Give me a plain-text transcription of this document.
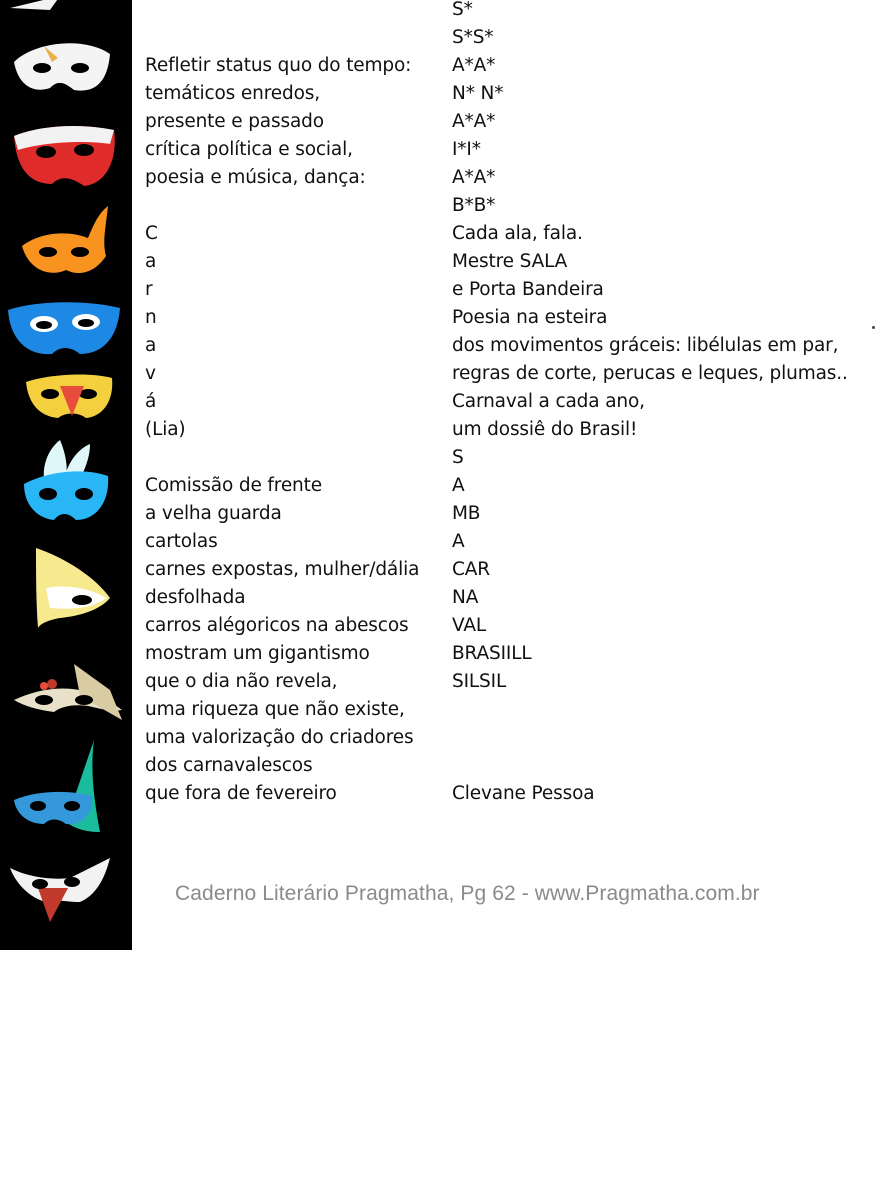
Refletir status quo do tempo:
temáticos enredos,
presente e passado
crítica política e social,
poesia e música, dança:
C
a
r
n
a
v
á
(Lia)
Comissão de frente
a velha guarda
cartolas
carnes expostas, mulher/dália
desfolhada
carros alégoricos na abescos
mostram um gigantismo
que o dia não revela,
uma riqueza que não existe,
uma valorização do criadores
dos carnavalescos
que fora de fevereiro
S*
S*S*
A*A*
N* N*
A*A*
I*I*
A*A*
B*B*
Cada ala, fala.
Mestre SALA
e Porta Bandeira
Poesia na esteira
dos movimentos gráceis: libélulas em par,
regras de corte, perucas e leques, plumas..
Carnaval a cada ano,
um dossiê do Brasil!
S
A
MB
A
CAR
NA
VAL
BRASIILL
SILSIL
Clevane Pessoa
Caderno Literário Pragmatha, Pg 62 - www.Pragmatha.com.br
